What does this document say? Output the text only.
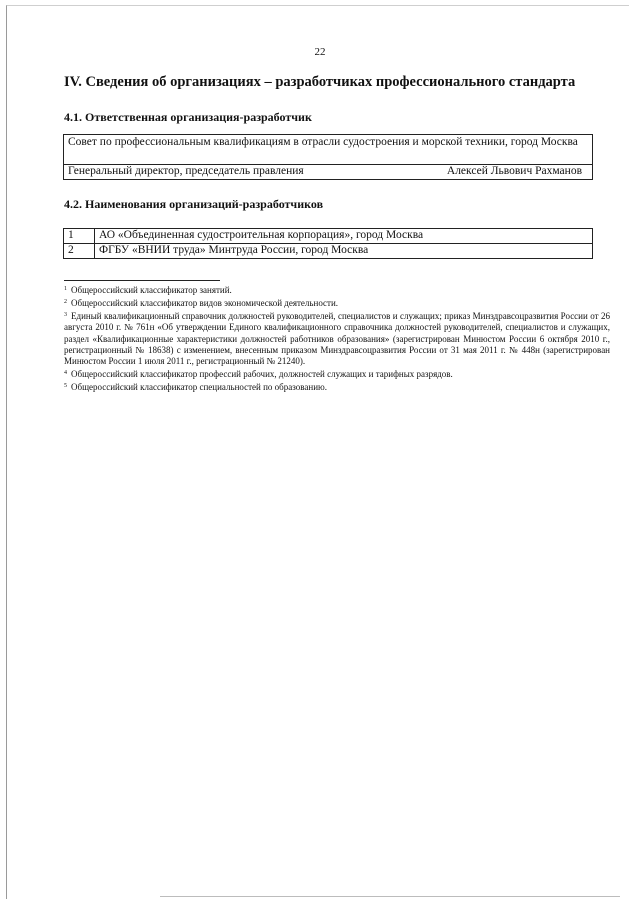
22
IV. Сведения об организациях – разработчиках профессионального стандарта
4.1. Ответственная организация-разработчик
Совет по профессиональным квалификациям в отрасли судостроения и морской техники, город Москва

Генеральный директор, председатель правления	Алексей Львович Рахманов
4.2. Наименования организаций-разработчиков
1	АО «Объединенная судостроительная корпорация», город Москва
2	ФГБУ «ВНИИ труда» Минтруда России, город Москва

$^1$ Общероссийский классификатор занятий.

$^2$ Общероссийский классификатор видов экономической деятельности.

$^3$ Единый квалификационный справочник должностей руководителей, специалистов и служащих; приказ Минздравсоцразвития России от 26 августа 2010 г. № 761н «Об утверждении Единого квалификационного справочника должностей руководителей, специалистов и служащих, раздел «Квалификационные характеристики должностей работников образования» (зарегистрирован Минюстом России 6 октября 2010 г., регистрационный № 18638) с изменением, внесенным приказом Минздравсоцразвития России от 31 мая 2011 г. № 448н (зарегистрирован Минюстом России 1 июля 2011 г., регистрационный № 21240).

$^4$ Общероссийский классификатор профессий рабочих, должностей служащих и тарифных разрядов.

$^5$ Общероссийский классификатор специальностей по образованию.
